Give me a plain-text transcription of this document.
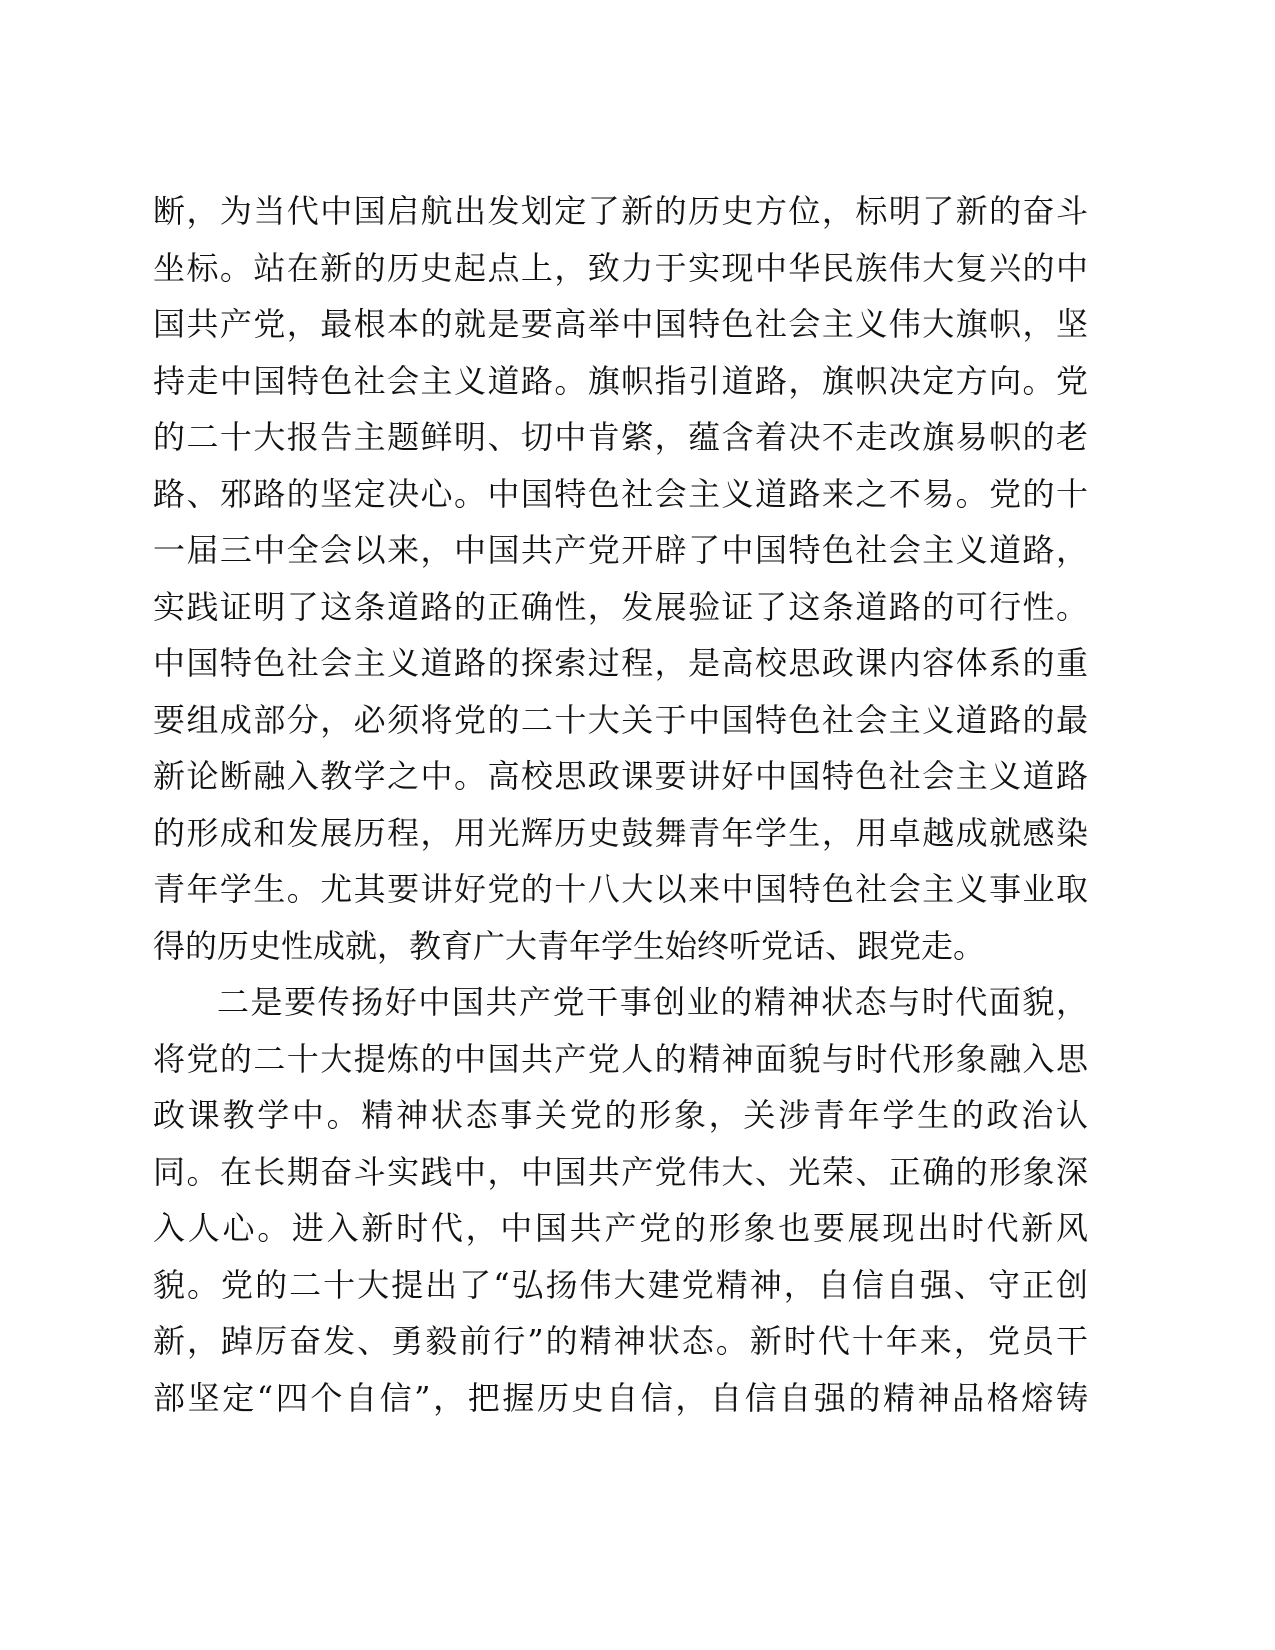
断，为当代中国启航出发划定了新的历史方位，标明了新的奋斗
坐标。站在新的历史起点上，致力于实现中华民族伟大复兴的中
国共产党，最根本的就是要高举中国特色社会主义伟大旗帜，坚
持走中国特色社会主义道路。旗帜指引道路，旗帜决定方向。党
的二十大报告主题鲜明、切中肯綮，蕴含着决不走改旗易帜的老
路、邪路的坚定决心。中国特色社会主义道路来之不易。党的十
一届三中全会以来，中国共产党开辟了中国特色社会主义道路，
实践证明了这条道路的正确性，发展验证了这条道路的可行性。
中国特色社会主义道路的探索过程，是高校思政课内容体系的重
要组成部分，必须将党的二十大关于中国特色社会主义道路的最
新论断融入教学之中。高校思政课要讲好中国特色社会主义道路
的形成和发展历程，用光辉历史鼓舞青年学生，用卓越成就感染
青年学生。尤其要讲好党的十八大以来中国特色社会主义事业取
得的历史性成就，教育广大青年学生始终听党话、跟党走。
二是要传扬好中国共产党干事创业的精神状态与时代面貌，
将党的二十大提炼的中国共产党人的精神面貌与时代形象融入思
政课教学中。精神状态事关党的形象，关涉青年学生的政治认
同。在长期奋斗实践中，中国共产党伟大、光荣、正确的形象深
入人心。进入新时代，中国共产党的形象也要展现出时代新风
貌。党的二十大提出了“弘扬伟大建党精神，自信自强、守正创
新，踔厉奋发、勇毅前行”的精神状态。新时代十年来，党员干
部坚定“四个自信”，把握历史自信，自信自强的精神品格熔铸
